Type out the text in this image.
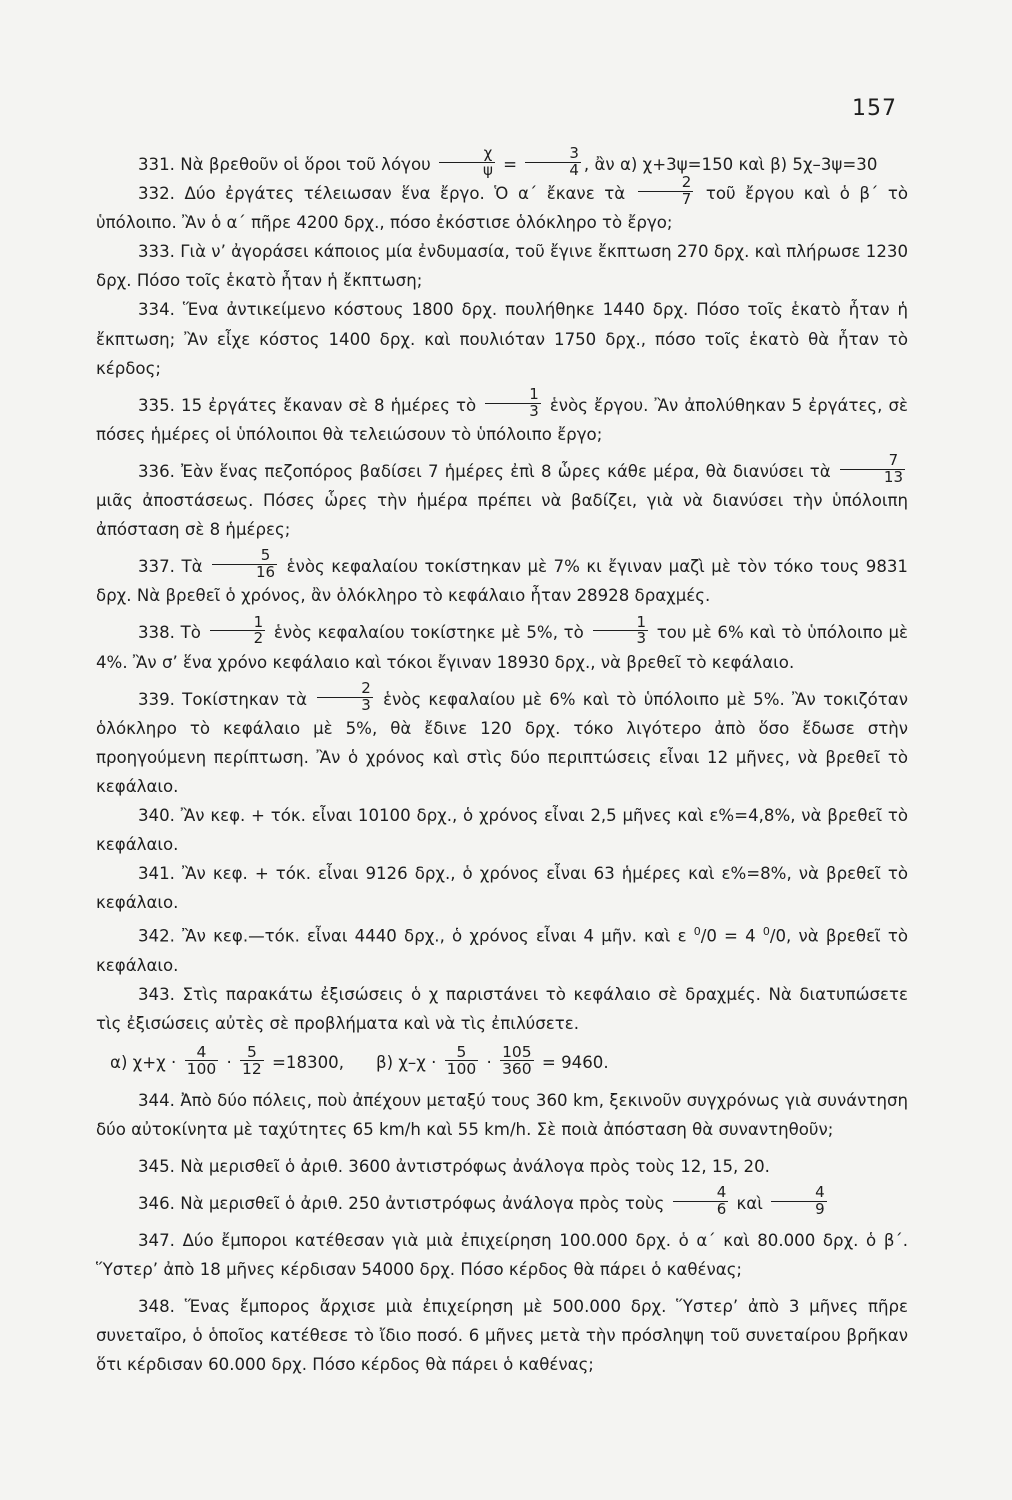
157

331. Νὰ βρεθοῦν οἱ ὅροι τοῦ λόγου $\frac{\chi}{\psi} = \frac{3}{4}$ , ἂν α) χ+3ψ=150 καὶ β) 5χ–3ψ=30

332. Δύο ἐργάτες τέλειωσαν ἕνα ἔργο. Ὁ α΄ ἔκανε τὰ $\frac{2}{7}$ τοῦ ἔργου καὶ ὁ β΄ τὸ ὑπόλοιπο. Ἂν ὁ α΄ πῆρε 4200 δρχ., πόσο ἐκόστισε ὁλόκληρο τὸ ἔργο;

333. Γιὰ ν’ ἀγοράσει κάποιος μία ἐνδυμασία, τοῦ ἔγινε ἔκπτωση 270 δρχ. καὶ πλήρωσε 1230 δρχ. Πόσο τοῖς ἑκατὸ ἦταν ἡ ἔκπτωση;

334. Ἕνα ἀντικείμενο κόστους 1800 δρχ. πουλήθηκε 1440 δρχ. Πόσο τοῖς ἑκατὸ ἦταν ἡ ἔκπτωση; Ἂν εἶχε κόστος 1400 δρχ. καὶ πουλιόταν 1750 δρχ., πόσο τοῖς ἑκατὸ θὰ ἦταν τὸ κέρδος;

335. 15 ἐργάτες ἔκαναν σὲ 8 ἡμέρες τὸ $\frac{1}{3}$ ἑνὸς ἔργου. Ἂν ἀπολύθηκαν 5 ἐργάτες, σὲ πόσες ἡμέρες οἱ ὑπόλοιποι θὰ τελειώσουν τὸ ὑπόλοιπο ἔργο;

336. Ἐὰν ἕνας πεζοπόρος βαδίσει 7 ἡμέρες ἐπὶ 8 ὧρες κάθε μέρα, θὰ διανύσει τὰ $\frac{7}{13}$
μιᾶς ἀποστάσεως. Πόσες ὧρες τὴν ἡμέρα πρέπει νὰ βαδίζει, γιὰ νὰ διανύσει τὴν ὑπόλοιπη ἀπόσταση σὲ 8 ἡμέρες;

337. Τὰ $\frac{5}{16}$ ἑνὸς κεφαλαίου τοκίστηκαν μὲ 7% κι ἔγιναν μαζὶ μὲ τὸν τόκο τους 9831 δρχ. Νὰ βρεθεῖ ὁ χρόνος, ἂν ὁλόκληρο τὸ κεφάλαιο ἦταν 28928 δραχμές.

338. Τὸ $\frac{1}{2}$ ἑνὸς κεφαλαίου τοκίστηκε μὲ 5%, τὸ $\frac{1}{3}$ του μὲ 6% καὶ τὸ ὑπόλοιπο μὲ 4%. Ἂν σ’ ἕνα χρόνο κεφάλαιο καὶ τόκοι ἔγιναν 18930 δρχ., νὰ βρεθεῖ τὸ κεφάλαιο.

339. Τοκίστηκαν τὰ $\frac{2}{3}$ ἑνὸς κεφαλαίου μὲ 6% καὶ τὸ ὑπόλοιπο μὲ 5%. Ἂν τοκιζόταν ὁλόκληρο τὸ κεφάλαιο μὲ 5%, θὰ ἔδινε 120 δρχ. τόκο λιγότερο ἀπὸ ὅσο ἔδωσε στὴν προηγούμενη περίπτωση. Ἂν ὁ χρόνος καὶ στὶς δύο περιπτώσεις εἶναι 12 μῆνες, νὰ βρεθεῖ τὸ κεφάλαιο.

340. Ἂν κεφ. + τόκ. εἶναι 10100 δρχ., ὁ χρόνος εἶναι 2,5 μῆνες καὶ ε%=4,8%, νὰ βρεθεῖ τὸ κεφάλαιο.

341. Ἂν κεφ. + τόκ. εἶναι 9126 δρχ., ὁ χρόνος εἶναι 63 ἡμέρες καὶ ε%=8%, νὰ βρεθεῖ τὸ κεφάλαιο.

342. Ἂν κεφ.—τόκ. εἶναι 4440 δρχ., ὁ χρόνος εἶναι 4 μῆν. καὶ ε $^0$/0 = 4 $^0$/0, νὰ βρεθεῖ τὸ κεφάλαιο.

343. Στὶς παρακάτω ἐξισώσεις ὁ χ παριστάνει τὸ κεφάλαιο σὲ δραχμές. Νὰ διατυπώσετε τὶς ἐξισώσεις αὐτὲς σὲ προβλήματα καὶ νὰ τὶς ἐπιλύσετε.

α) $\chi+\chi \cdot \frac{4}{100} \cdot \frac{5}{12} =18300$, β) $\chi-\chi \cdot \frac{5}{100} \cdot \frac{105}{360} = 9460$.

344. Ἀπὸ δύο πόλεις, ποὺ ἀπέχουν μεταξύ τους 360 km, ξεκινοῦν συγχρόνως γιὰ συνάντηση δύο αὐτοκίνητα μὲ ταχύτητες 65 km/h καὶ 55 km/h. Σὲ ποιὰ ἀπόσταση θὰ συναντηθοῦν;

345. Νὰ μερισθεῖ ὁ ἀριθ. 3600 ἀντιστρόφως ἀνάλογα πρὸς τοὺς 12, 15, 20.

346. Νὰ μερισθεῖ ὁ ἀριθ. 250 ἀντιστρόφως ἀνάλογα πρὸς τοὺς $\frac{4}{6}$ καὶ $\frac{4}{9}$

347. Δύο ἔμποροι κατέθεσαν γιὰ μιὰ ἐπιχείρηση 100.000 δρχ. ὁ α΄ καὶ 80.000 δρχ. ὁ β΄. Ὕστερ’ ἀπὸ 18 μῆνες κέρδισαν 54000 δρχ. Πόσο κέρδος θὰ πάρει ὁ καθένας;

348. Ἕνας ἔμπορος ἄρχισε μιὰ ἐπιχείρηση μὲ 500.000 δρχ. Ὕστερ’ ἀπὸ 3 μῆνες πῆρε συνεταῖρο, ὁ ὁποῖος κατέθεσε τὸ ἴδιο ποσό. 6 μῆνες μετὰ τὴν πρόσληψη τοῦ συνεταίρου βρῆκαν ὅτι κέρδισαν 60.000 δρχ. Πόσο κέρδος θὰ πάρει ὁ καθένας;
